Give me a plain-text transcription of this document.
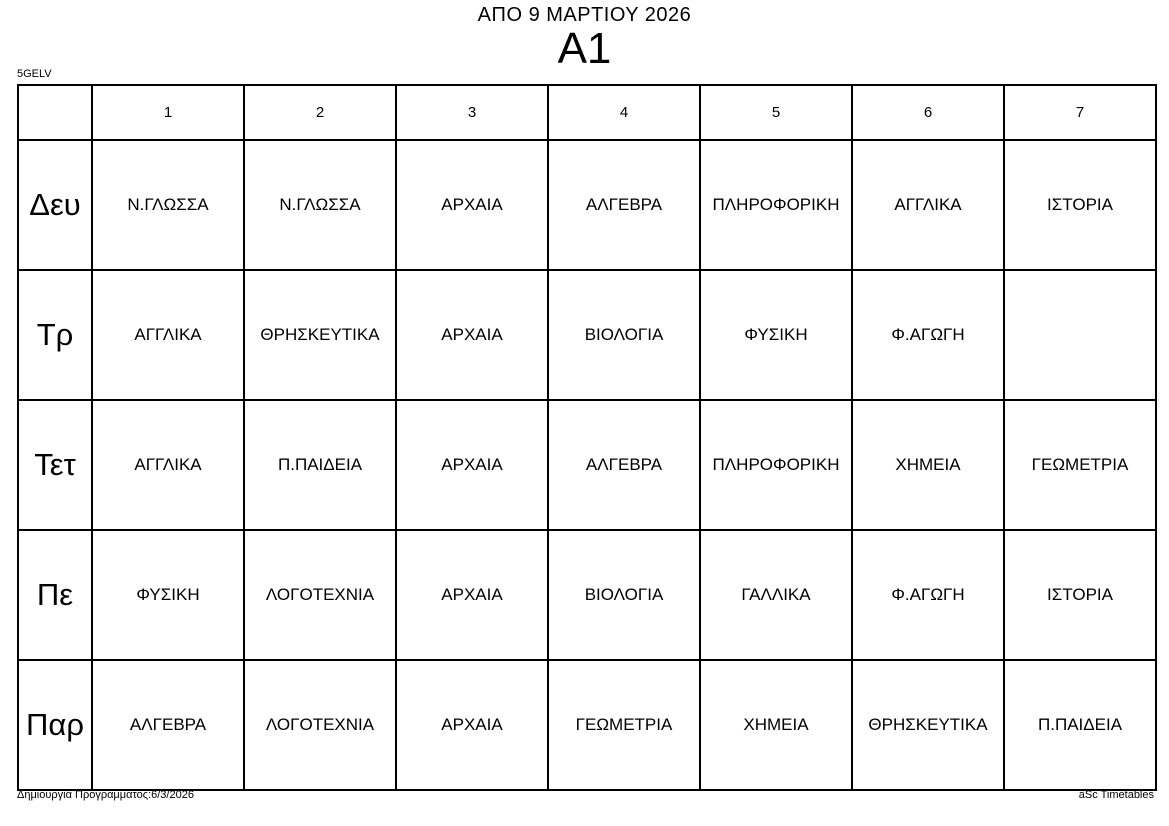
ΑΠΟ 9 ΜΑΡΤΙΟΥ 2026
A1
5GELV
	1	2	3	4	5	6	7
Δευ	Ν.ΓΛΩΣΣΑ	Ν.ΓΛΩΣΣΑ	ΑΡΧΑΙΑ	ΑΛΓΕΒΡΑ	ΠΛΗΡΟΦΟΡΙΚΗ	ΑΓΓΛΙΚΑ	ΙΣΤΟΡΙΑ
Τρ	ΑΓΓΛΙΚΑ	ΘΡΗΣΚΕΥΤΙΚΑ	ΑΡΧΑΙΑ	ΒΙΟΛΟΓΙΑ	ΦΥΣΙΚΗ	Φ.ΑΓΩΓΗ	
Τετ	ΑΓΓΛΙΚΑ	Π.ΠΑΙΔΕΙΑ	ΑΡΧΑΙΑ	ΑΛΓΕΒΡΑ	ΠΛΗΡΟΦΟΡΙΚΗ	ΧΗΜΕΙΑ	ΓΕΩΜΕΤΡΙΑ
Πε	ΦΥΣΙΚΗ	ΛΟΓΟΤΕΧΝΙΑ	ΑΡΧΑΙΑ	ΒΙΟΛΟΓΙΑ	ΓΑΛΛΙΚΑ	Φ.ΑΓΩΓΗ	ΙΣΤΟΡΙΑ
Παρ	ΑΛΓΕΒΡΑ	ΛΟΓΟΤΕΧΝΙΑ	ΑΡΧΑΙΑ	ΓΕΩΜΕΤΡΙΑ	ΧΗΜΕΙΑ	ΘΡΗΣΚΕΥΤΙΚΑ	Π.ΠΑΙΔΕΙΑ
Δημιουργία Προγράμματος:6/3/2026	aSc Timetables
